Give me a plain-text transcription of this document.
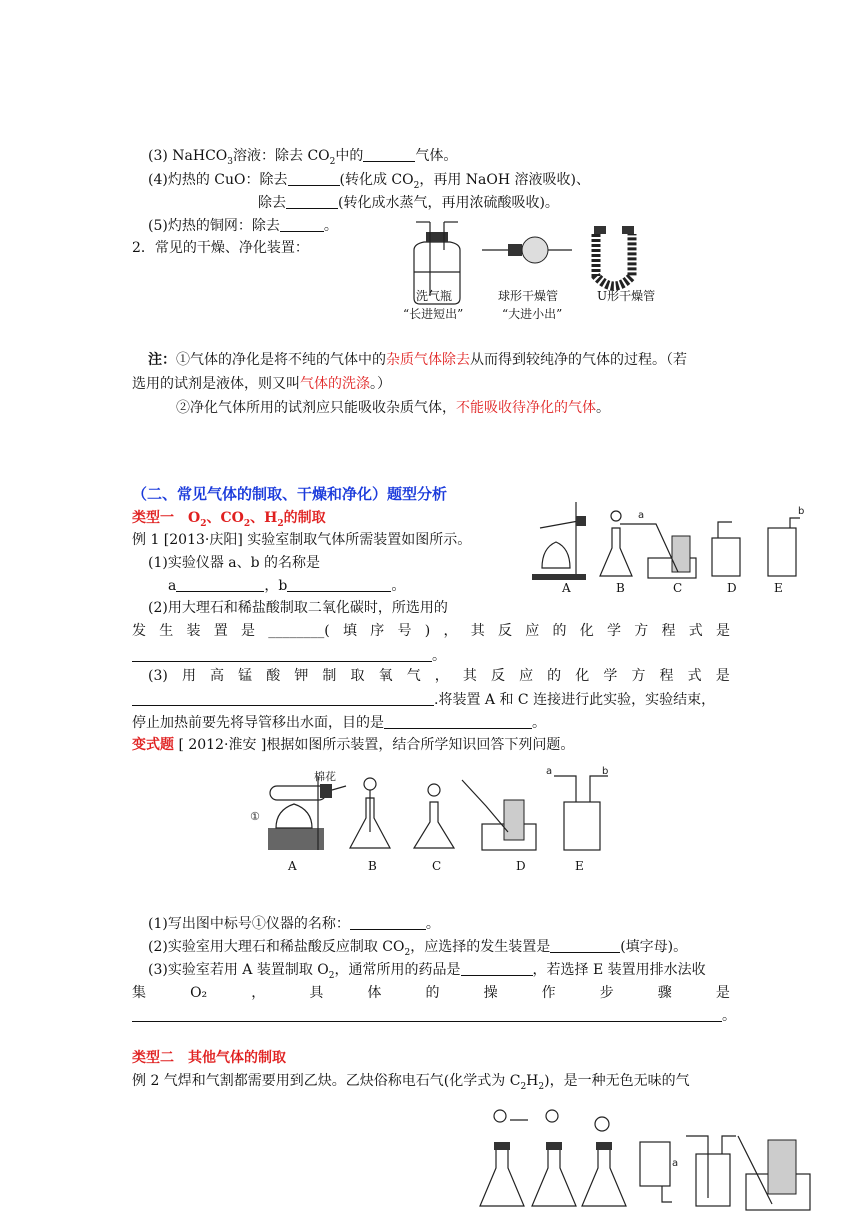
(3) NaHCO$_3$溶液：除去 $CO_2$中的	气体。
(4)灼热的 CuO：除去	(转化成 $CO_2$，再用 NaOH 溶液吸收)、
除去	(转化成水蒸气，再用浓硫酸吸收)。
(5)灼热的铜网：除去	。
2．常见的干燥、净化装置：
洗气瓶
“长进短出”
球形干燥管
“大进小出”
U形干燥管
注：①气体的净化是将不纯的气体中的杂质气体除去从而得到较纯净的气体的过程。（若
选用的试剂是液体，则又叫气体的洗涤。）
②净化气体所用的试剂应只能吸收杂质气体，不能吸收待净化的气体。
（二、常见气体的制取、干燥和净化）题型分析
类型一　$O_2$、$CO_2$、$H_2$的制取
例 1 [2013·庆阳] 实验室制取气体所需装置如图所示。
(1)实验仪器 a、b 的名称是
a	，b	。
a	b
A	B	C	D	E
(2)用大理石和稀盐酸制取二氧化碳时，所选用的
发 生 装 置 是 ________( 填 序 号 ) ， 其 反 应 的 化 学 方 程 式 是
。
(3) 用 高 锰 酸 钾 制 取 氧 气 ， 其 反 应 的 化 学 方 程 式 是
.将装置 A 和 C 连接进行此实验，实验结束，
停止加热前要先将导管移出水面，目的是	。
变式题 [ 2012·淮安 ]根据如图所示装置，结合所学知识回答下列问题。
棉花
①
a	b
A	B	C	D	E
(1)写出图中标号①仪器的名称：	。
(2)实验室用大理石和稀盐酸反应制取 $CO_2$，应选择的发生装置是	(填字母)。
(3)实验室若用 A 装置制取 $O_2$，通常所用的药品是	，若选择 E 装置用排水法收
集	O₂	，	具	体	的	操	作	步	骤	是
。
类型二　其他气体的制取
例 2 气焊和气割都需要用到乙炔。乙炔俗称电石气(化学式为 $C_2H_2$)，是一种无色无味的气
a
